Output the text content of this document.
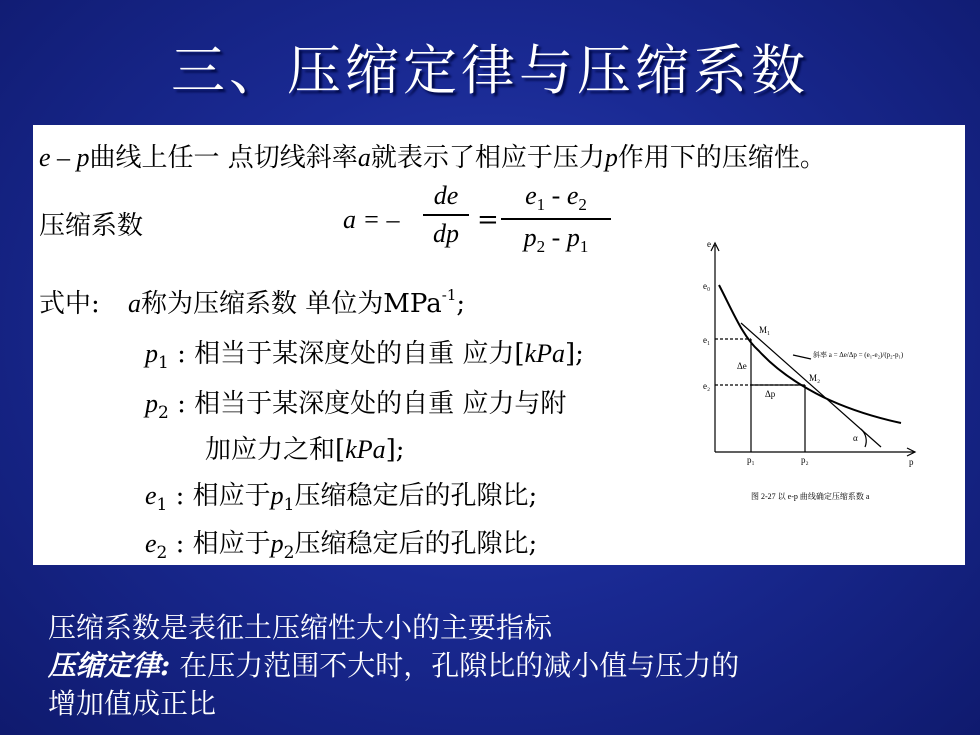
三、压缩定律与压缩系数
e – p曲线上任一 点切线斜率a就表示了相应于压力p作用下的压缩性。
压缩系数	a = –
de
dp =
$e_1 - e_2$
$p_2 - p_1$
式中: a称为压缩系数 单位为MPa$^{-1}$;
$p_1$ : 相当于某深度处的自重 应力[kPa];
$p_2$ : 相当于某深度处的自重 应力与附
加应力之和[kPa];
$e_1$ : 相应于$p_1$压缩稳定后的孔隙比;
$e_2$ : 相应于$p_2$压缩稳定后的孔隙比;
e
p
e₀
e₁
e₂
p₁	p₂
M₁
M₂
Δe
Δp
α
斜率 a = Δe/Δp = (e₁-e₂)/(p₂-p₁)
图 2-27 以 e-p 曲线确定压缩系数 a
压缩系数是表征土压缩性大小的主要指标
压缩定律: 在压力范围不大时，孔隙比的减小值与压力的
增加值成正比
